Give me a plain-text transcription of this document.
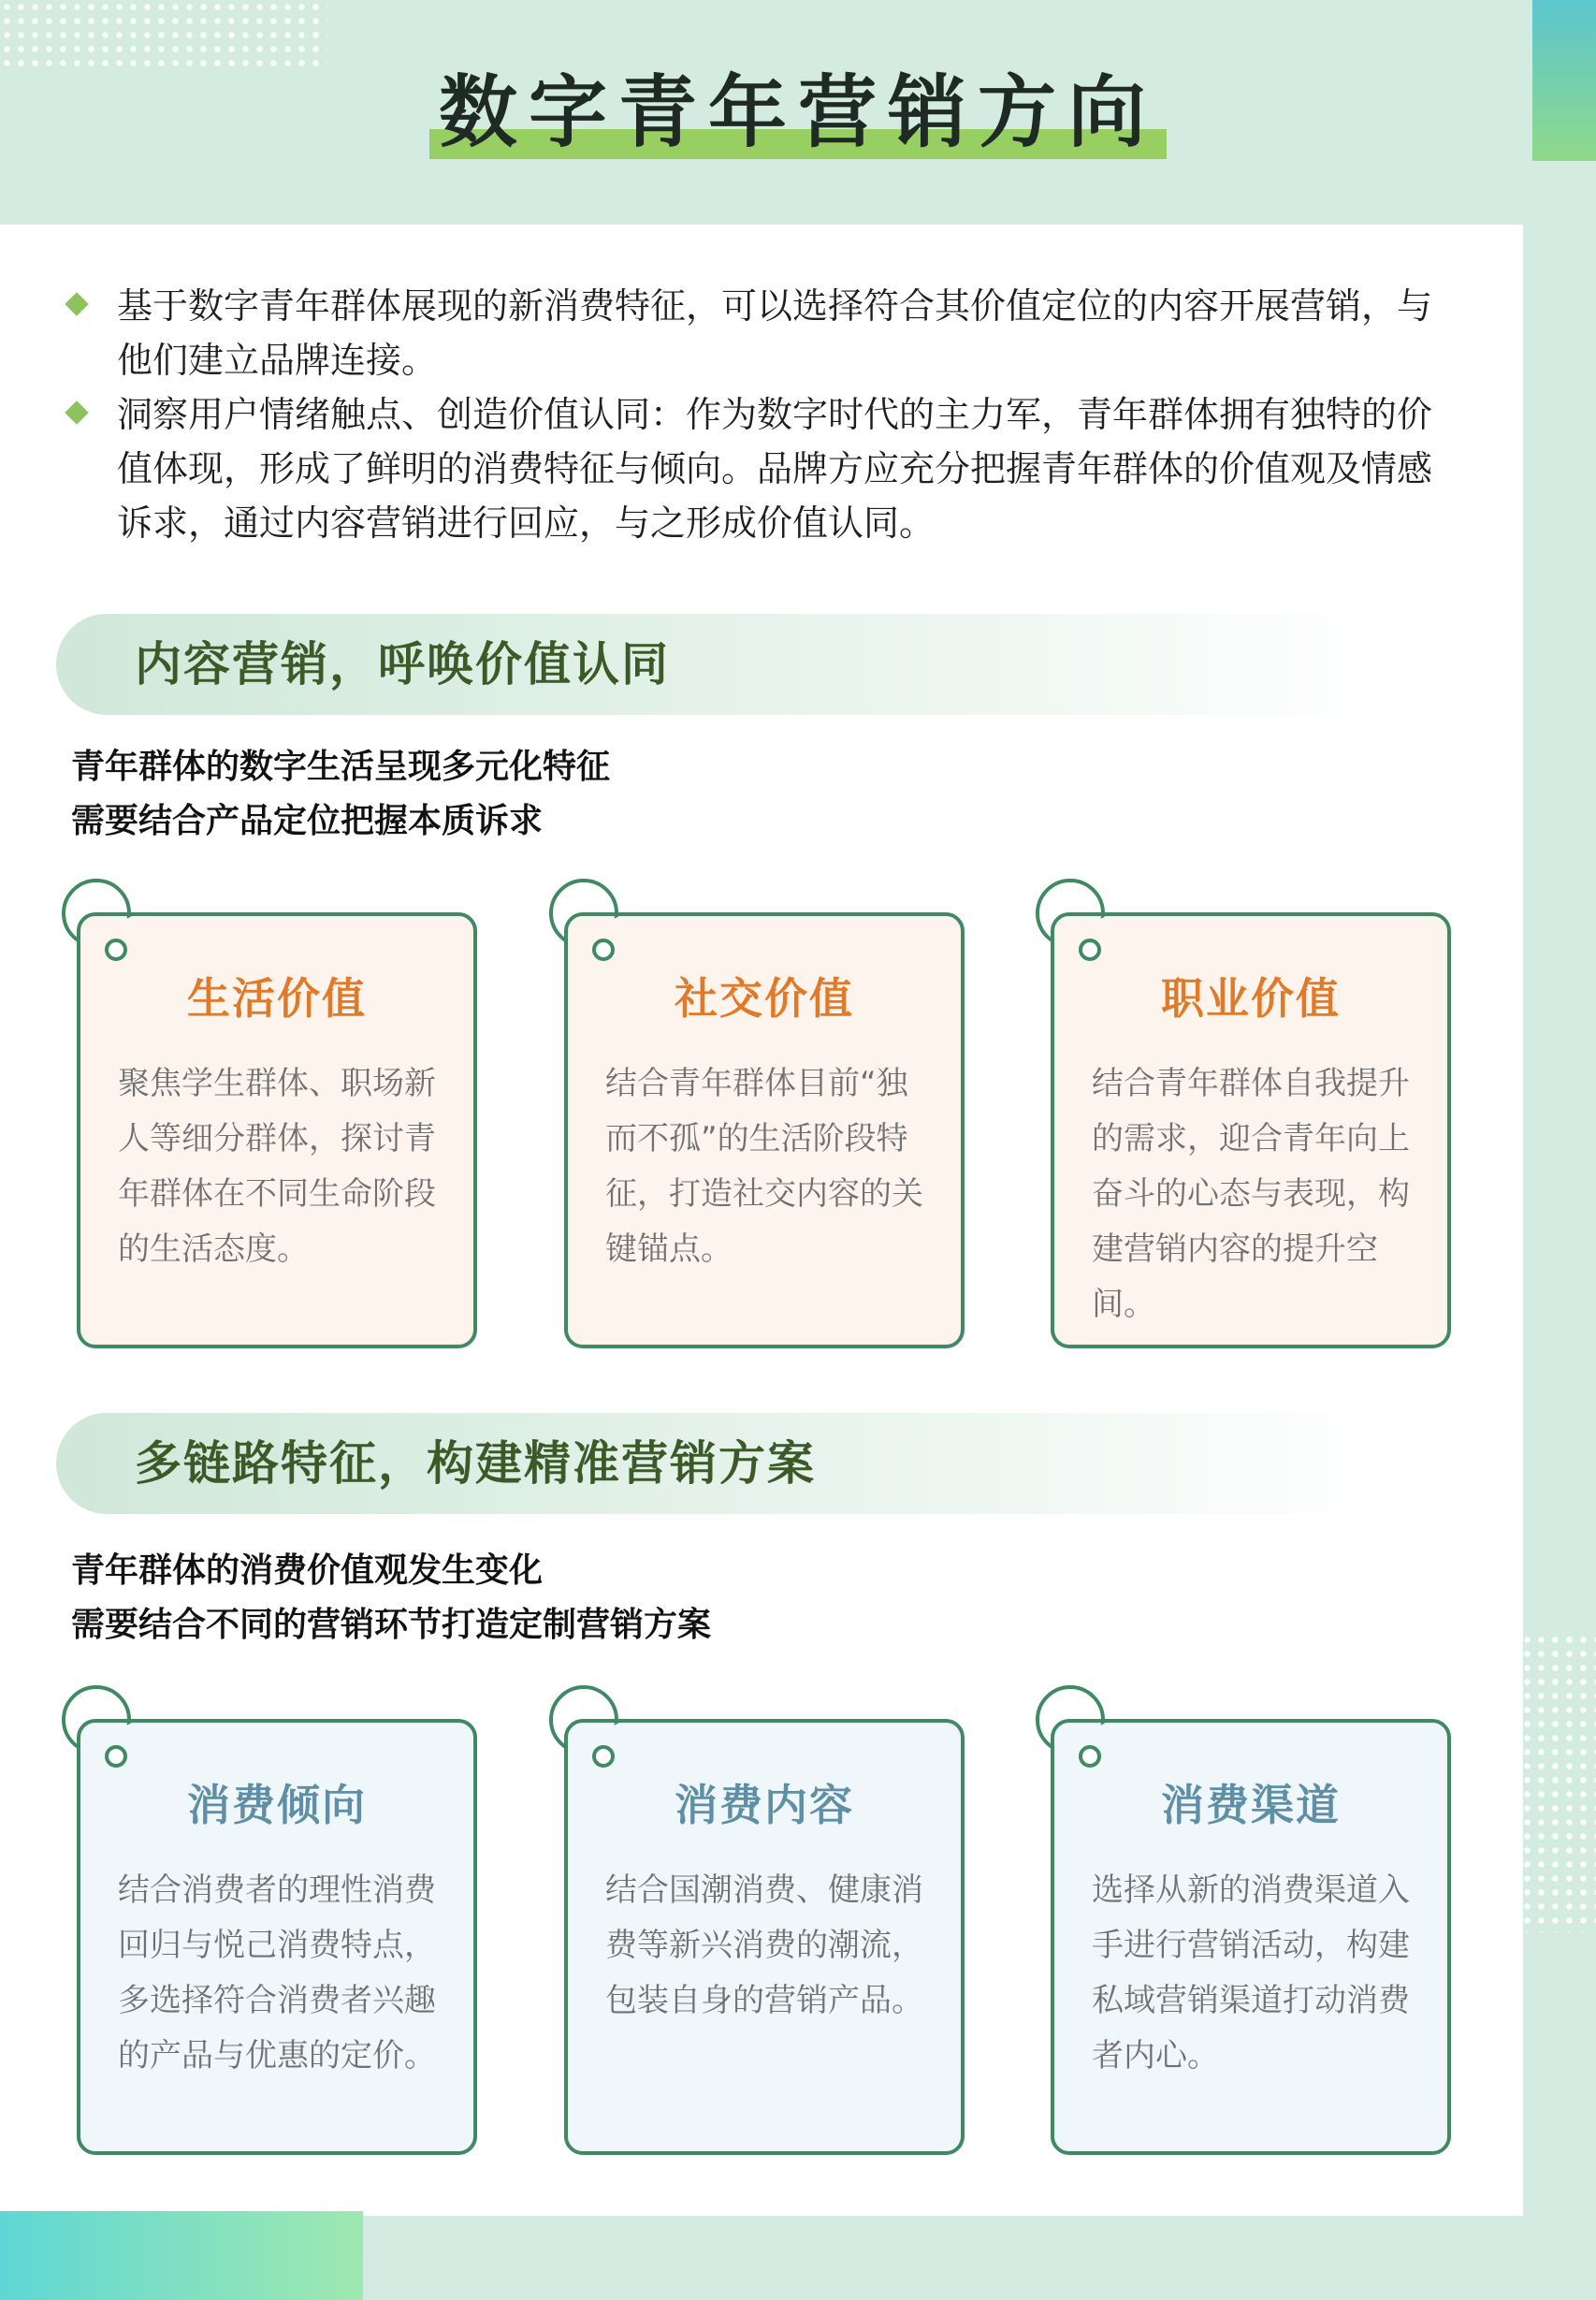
数字青年营销方向

基于数字青年群体展现的新消费特征，可以选择符合其价值定位的内容开展营销，与他们建立品牌连接。

洞察用户情绪触点、创造价值认同：作为数字时代的主力军，青年群体拥有独特的价值体现，形成了鲜明的消费特征与倾向。品牌方应充分把握青年群体的价值观及情感诉求，通过内容营销进行回应，与之形成价值认同。

内容营销，呼唤价值认同
青年群体的数字生活呈现多元化特征
需要结合产品定位把握本质诉求
生活价值

聚焦学生群体、职场新人等细分群体，探讨青年群体在不同生命阶段的生活态度。

社交价值

结合青年群体目前“独而不孤”的生活阶段特征，打造社交内容的关键锚点。

职业价值

结合青年群体自我提升的需求，迎合青年向上奋斗的心态与表现，构建营销内容的提升空间。

多链路特征，构建精准营销方案
青年群体的消费价值观发生变化
需要结合不同的营销环节打造定制营销方案
消费倾向

结合消费者的理性消费回归与悦己消费特点，多选择符合消费者兴趣的产品与优惠的定价。

消费内容

结合国潮消费、健康消费等新兴消费的潮流，包装自身的营销产品。

消费渠道

选择从新的消费渠道入手进行营销活动，构建私域营销渠道打动消费者内心。
